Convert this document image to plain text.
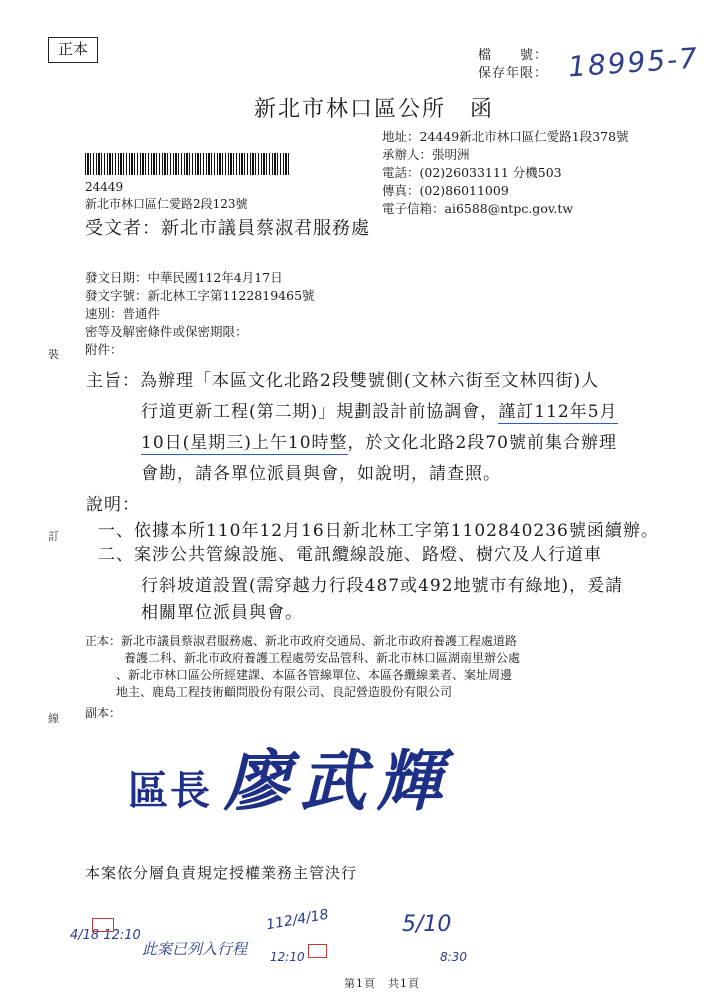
正本	檔　　號：
保存年限： 18995-7
新北市林口區公所　函
地址：24449新北市林口區仁愛路1段378號
承辦人：張明洲
電話：(02)26033111 分機503
傳真：(02)86011009
電子信箱：ai6588@ntpc.gov.tw
24449
新北市林口區仁愛路2段123號
受文者：新北市議員蔡淑君服務處
發文日期：中華民國112年4月17日
發文字號：新北林工字第1122819465號
速別：普通件
密等及解密條件或保密期限：
附件：
裝
訂
線
主旨：為辦理「本區文化北路2段雙號側(文林六街至文林四街)人
行道更新工程(第二期)」規劃設計前協調會，謹訂112年5月
10日(星期三)上午10時整，於文化北路2段70號前集合辦理
會勘，請各單位派員與會，如說明，請查照。
說明：
一、依據本所110年12月16日新北林工字第1102840236號函續辦。
二、案涉公共管線設施、電訊纜線設施、路燈、樹穴及人行道車
行斜坡道設置(需穿越力行段487或492地號市有綠地)，爰請
相關單位派員與會。
正本：新北市議員蔡淑君服務處、新北市政府交通局、新北市政府養護工程處道路
養護二科、新北市政府養護工程處勞安品管科、新北市林口區湖南里辦公處
、新北市林口區公所經建課、本區各管線單位、本區各纜線業者、案址周邊
地主、鹿島工程技術顧問股份有限公司、良記營造股份有限公司
副本：
區長 廖武輝
本案依分層負責規定授權業務主管決行
4/18 12:10

此案已列入行程
112/4/18
12:10

5/10
8:30
第1頁　共1頁
